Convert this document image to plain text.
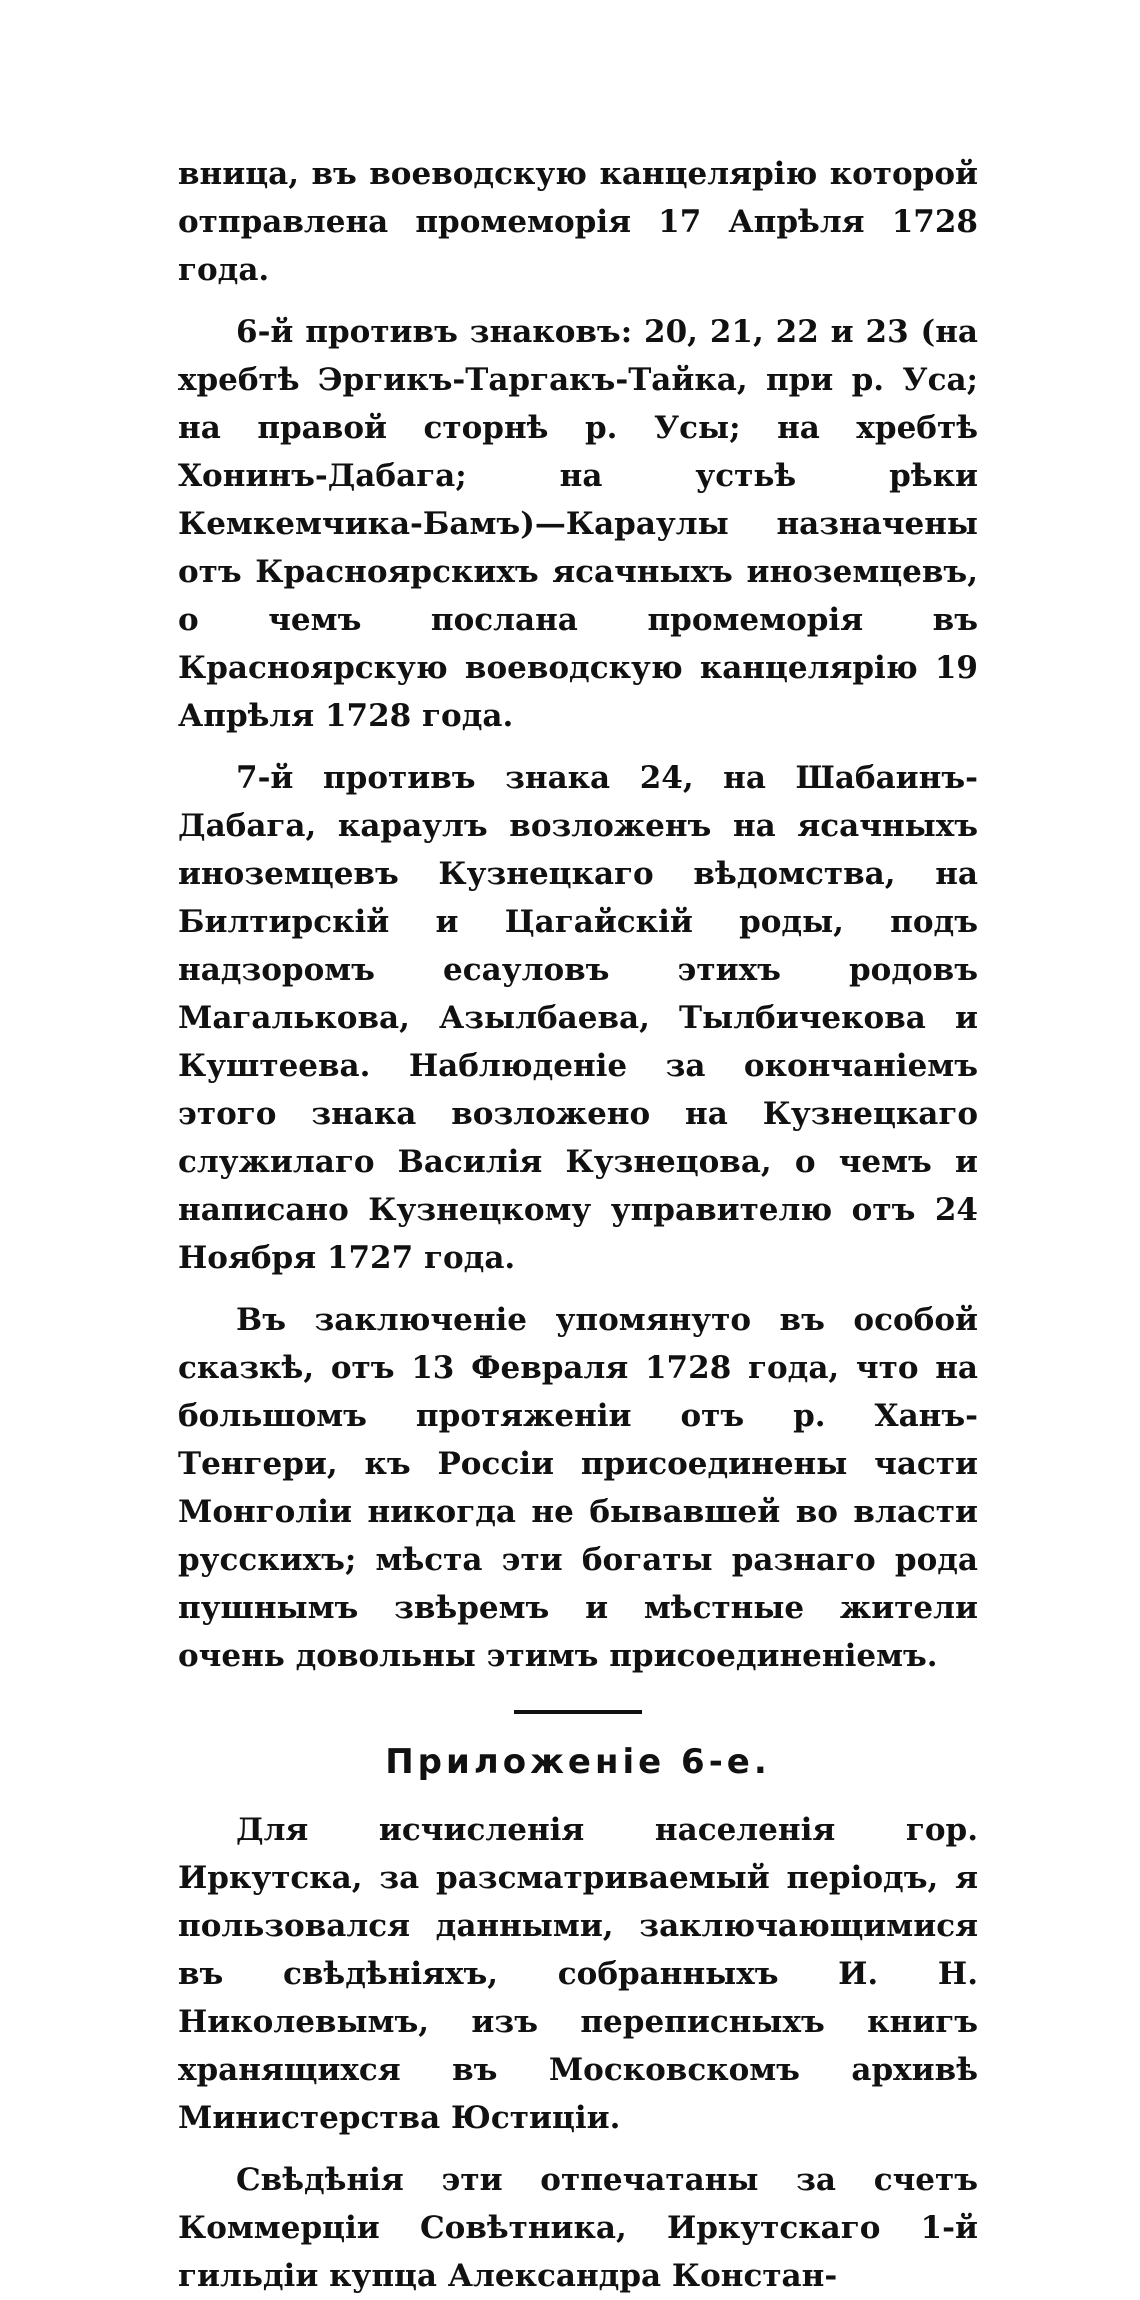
вница, въ воеводскую канцелярію которой отправлена промеморія 17 Апрѣля 1728 года.

6-й противъ знаковъ: 20, 21, 22 и 23 (на хребтѣ Эргикъ-Таргакъ-Тайка, при р. Уса; на правой сторнѣ р. Усы; на хребтѣ Хонинъ-Дабага; на устьѣ рѣки Кемкемчика-Бамъ)—Караулы назначены отъ Красноярскихъ ясачныхъ иноземцевъ, о чемъ послана промеморія въ Красноярскую воеводскую канцелярію 19 Апрѣля 1728 года.

7-й противъ знака 24, на Шабаинъ-Дабага, караулъ возложенъ на ясачныхъ иноземцевъ Кузнецкаго вѣдомства, на Билтирскій и Цагайскій роды, подъ надзоромъ есауловъ этихъ родовъ Магалькова, Азылбаева, Тылбичекова и Куштеева. Наблюденіе за окончаніемъ этого знака возложено на Кузнецкаго служилаго Василія Кузнецова, о чемъ и написано Кузнецкому управителю отъ 24 Ноября 1727 года.

Въ заключеніе упомянуто въ особой сказкѣ, отъ 13 Февраля 1728 года, что на большомъ протяженіи отъ р. Ханъ-Тенгери, къ Россіи присоединены части Монголіи никогда не бывавшей во власти русскихъ; мѣста эти богаты разнаго рода пушнымъ звѣремъ и мѣстные жители очень довольны этимъ присоединеніемъ.

Приложеніе 6-е.

Для исчисленія населенія гор. Иркутска, за разсматриваемый періодъ, я пользовался данными, заключающимися въ свѣдѣніяхъ, собранныхъ И. Н. Николевымъ, изъ переписныхъ книгъ хранящихся въ Московскомъ архивѣ Министерства Юстиціи.

Свѣдѣнія эти отпечатаны за счетъ Коммерціи Совѣтника, Иркутскаго 1-й гильдіи купца Александра Констан-
